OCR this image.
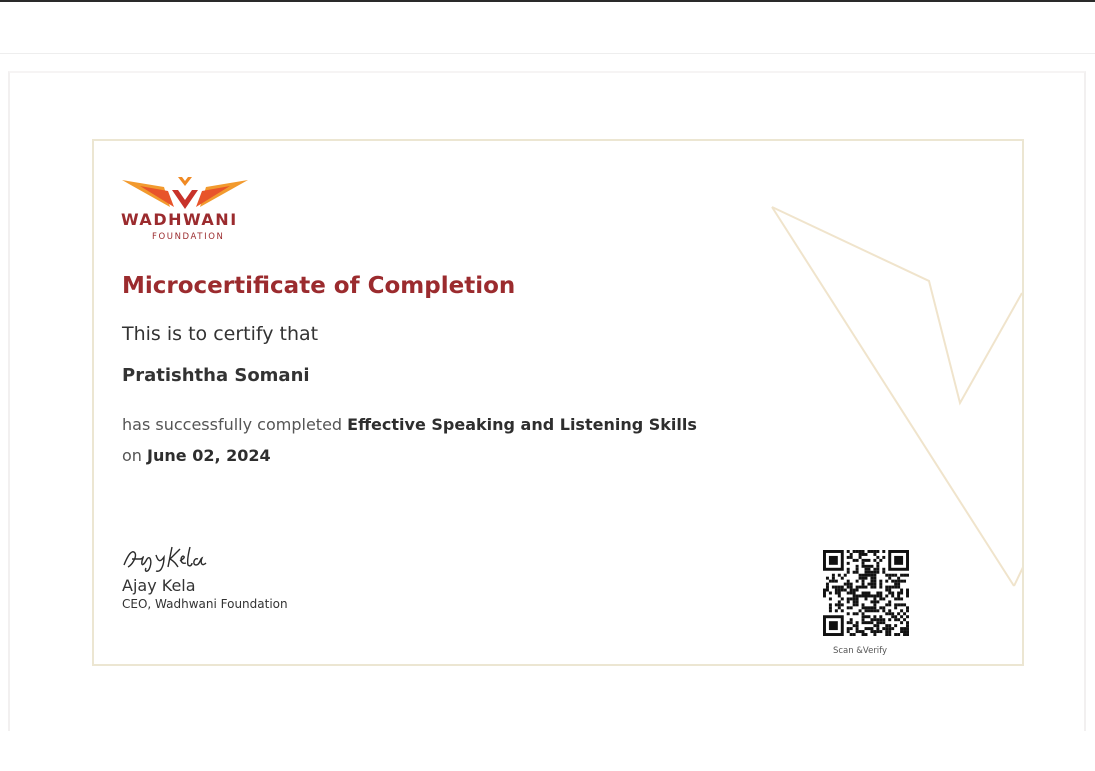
WADHWANI
FOUNDATION
Microcertificate of Completion
This is to certify that
Pratishtha Somani
has successfully completed Effective Speaking and Listening Skills
on June 02, 2024
Ajay Kela
CEO, Wadhwani Foundation
Scan &Verify
